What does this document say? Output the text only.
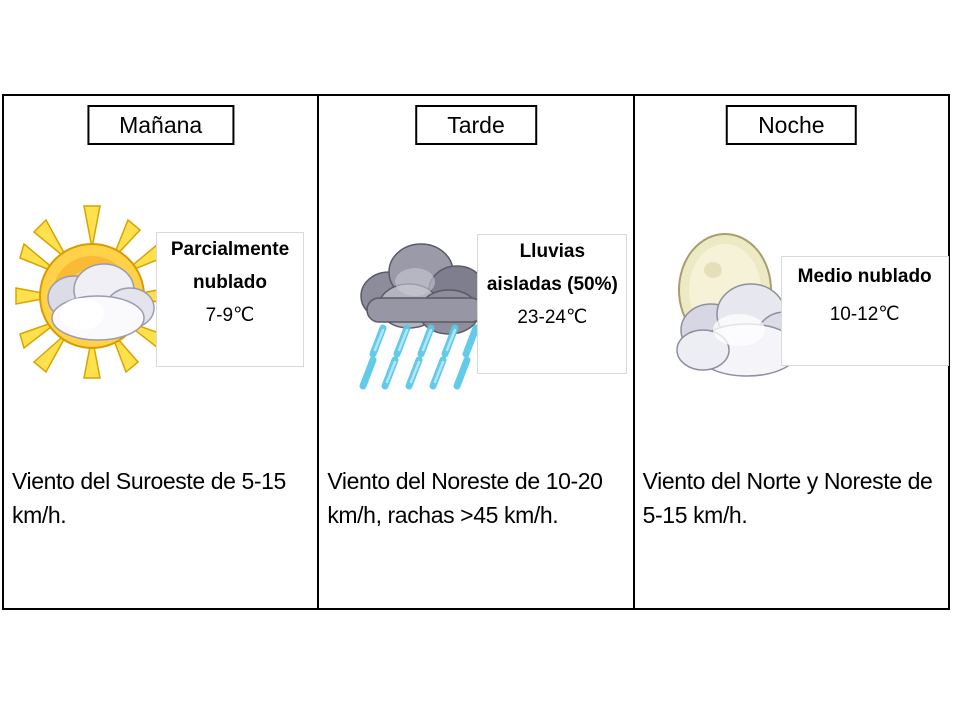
Mañana
Parcialmente
nublado
7-9℃
Viento del Suroeste de 5-15 km/h.
Tarde
Lluvias
aisladas (50%)
23-24℃
Viento del Noreste de 10-20 km/h, rachas >45 km/h.
Noche
Medio nublado
10-12℃
Viento del Norte y Noreste de 5-15 km/h.
